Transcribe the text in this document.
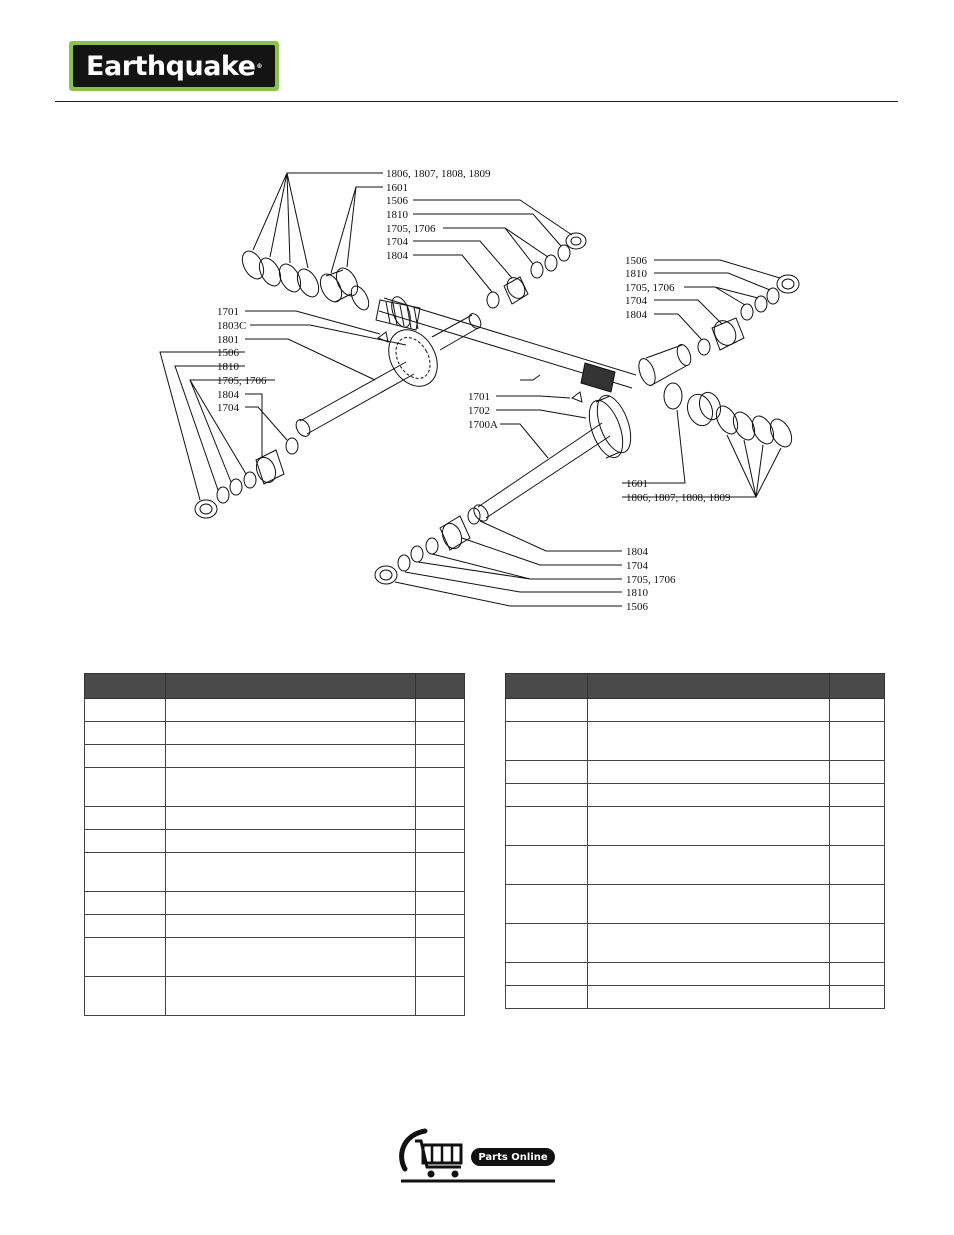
Earthquake ®
1806, 1807, 1808, 1809
1601
1506
1810
1705, 1706
1704
1804	1506
1810
1705, 1706
1704
1804
1701
1803C
1801
1506
1810
1705, 1706
1804
1704
1701
1702
1700A
1601
1806, 1807, 1808, 1809
1804
1704
1705, 1706
1810
1506

Parts Online
